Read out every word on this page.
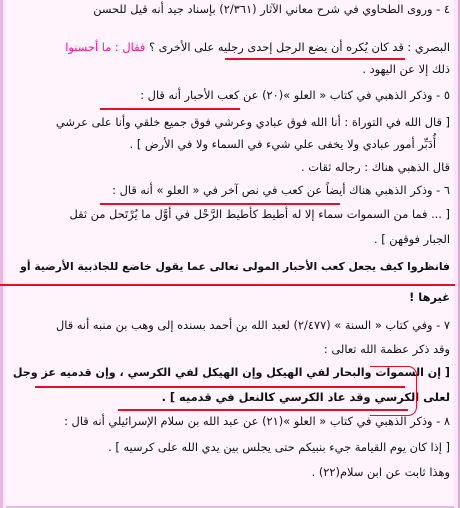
٤ - وروى الطحاوي في شرح معاني الآثار (٢/٣٦١) بإسناد جيد أنه قيل للحسن
البصري : قد كان يُكره أن يضع الرجل إحدى رجليه على الأخرى ؟ فقال : ما أحسنوا
ذلك إلا عن اليهود .
٥ - وذكر الذهبي في كتاب « العلو »(٢٠) عن كعب الأحبار أنه قال :
[ قال الله في التوراة : أنا الله فوق عبادي وعرشي فوق جميع خلقي وأنا على عرشي
أُدَبِّر أمور عبادي ولا يخفى علي شيء في السماء ولا في الأرض ] .
قال الذهبي هناك : رجاله ثقات .
٦ - وذكر الذهبي هناك أيضاً عن كعب في نص آخر في « العلو » أنه قال :
[ ... فما من السموات سماء إلا له أطيط كأطيط الرَّحْل في أوَّل ما يُرْتَحل من ثقل
الجبار فوقهن ] .
فانظروا كيف يجعل كعب الأحبار المولى تعالى عما يقول خاضع للجاذبية الأرضية أو
غيرها !
٧ - وفي كتاب « السنة » (٢/٤٧٧) لعبد الله بن أحمد بسنده إلى وهب بن منبه أنه قال
وقد ذكر عظمة الله تعالى :
[ إن السموات والبحار لفي الهيكل وإن الهيكل لفي الكرسي ، وإن قدميه عز وجل
لعلى الكرسي وقد عاد الكرسي كالنعل في قدميه ] .
٨ - وذكر الذهبي في كتاب « العلو »(٢١) عن عبد الله بن سلام الإسرائيلي أنه قال :
[ إذا كان يوم القيامة جيء بنبيكم حتى يجلس بين يدي الله على كرسيه ] .
وهذا ثابت عن ابن سلام(٢٢) .
